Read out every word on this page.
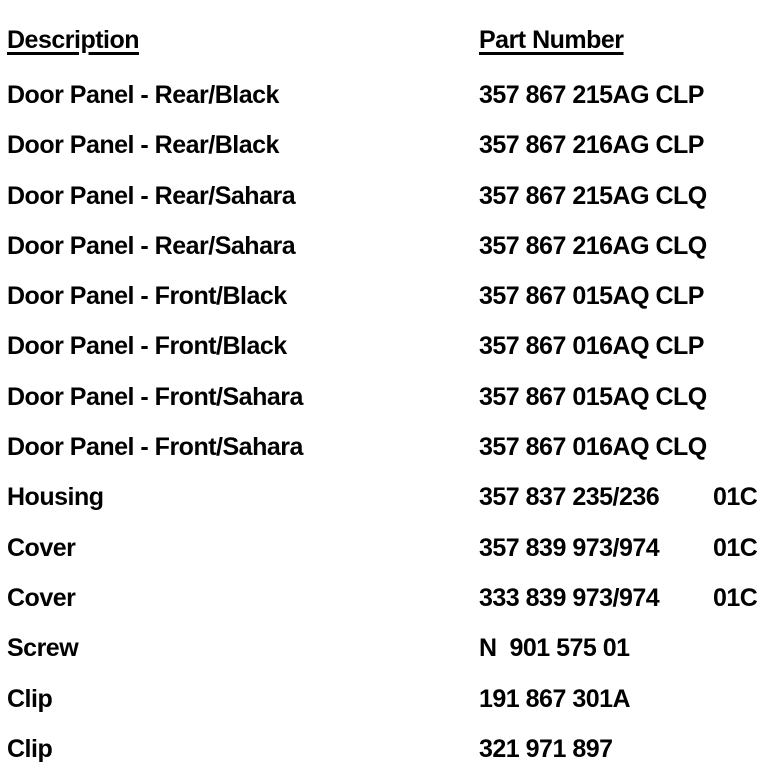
Description	Part Number
Door Panel - Rear/Black	357 867 215AG CLP
Door Panel - Rear/Black	357 867 216AG CLP
Door Panel - Rear/Sahara	357 867 215AG CLQ
Door Panel - Rear/Sahara	357 867 216AG CLQ
Door Panel - Front/Black	357 867 015AQ CLP
Door Panel - Front/Black	357 867 016AQ CLP
Door Panel - Front/Sahara	357 867 015AQ CLQ
Door Panel - Front/Sahara	357 867 016AQ CLQ
Housing	357 837 235/236 01C
Cover	357 839 973/974 01C
Cover	333 839 973/974 01C
Screw	N  901 575 01
Clip	191 867 301A
Clip	321 971 897
